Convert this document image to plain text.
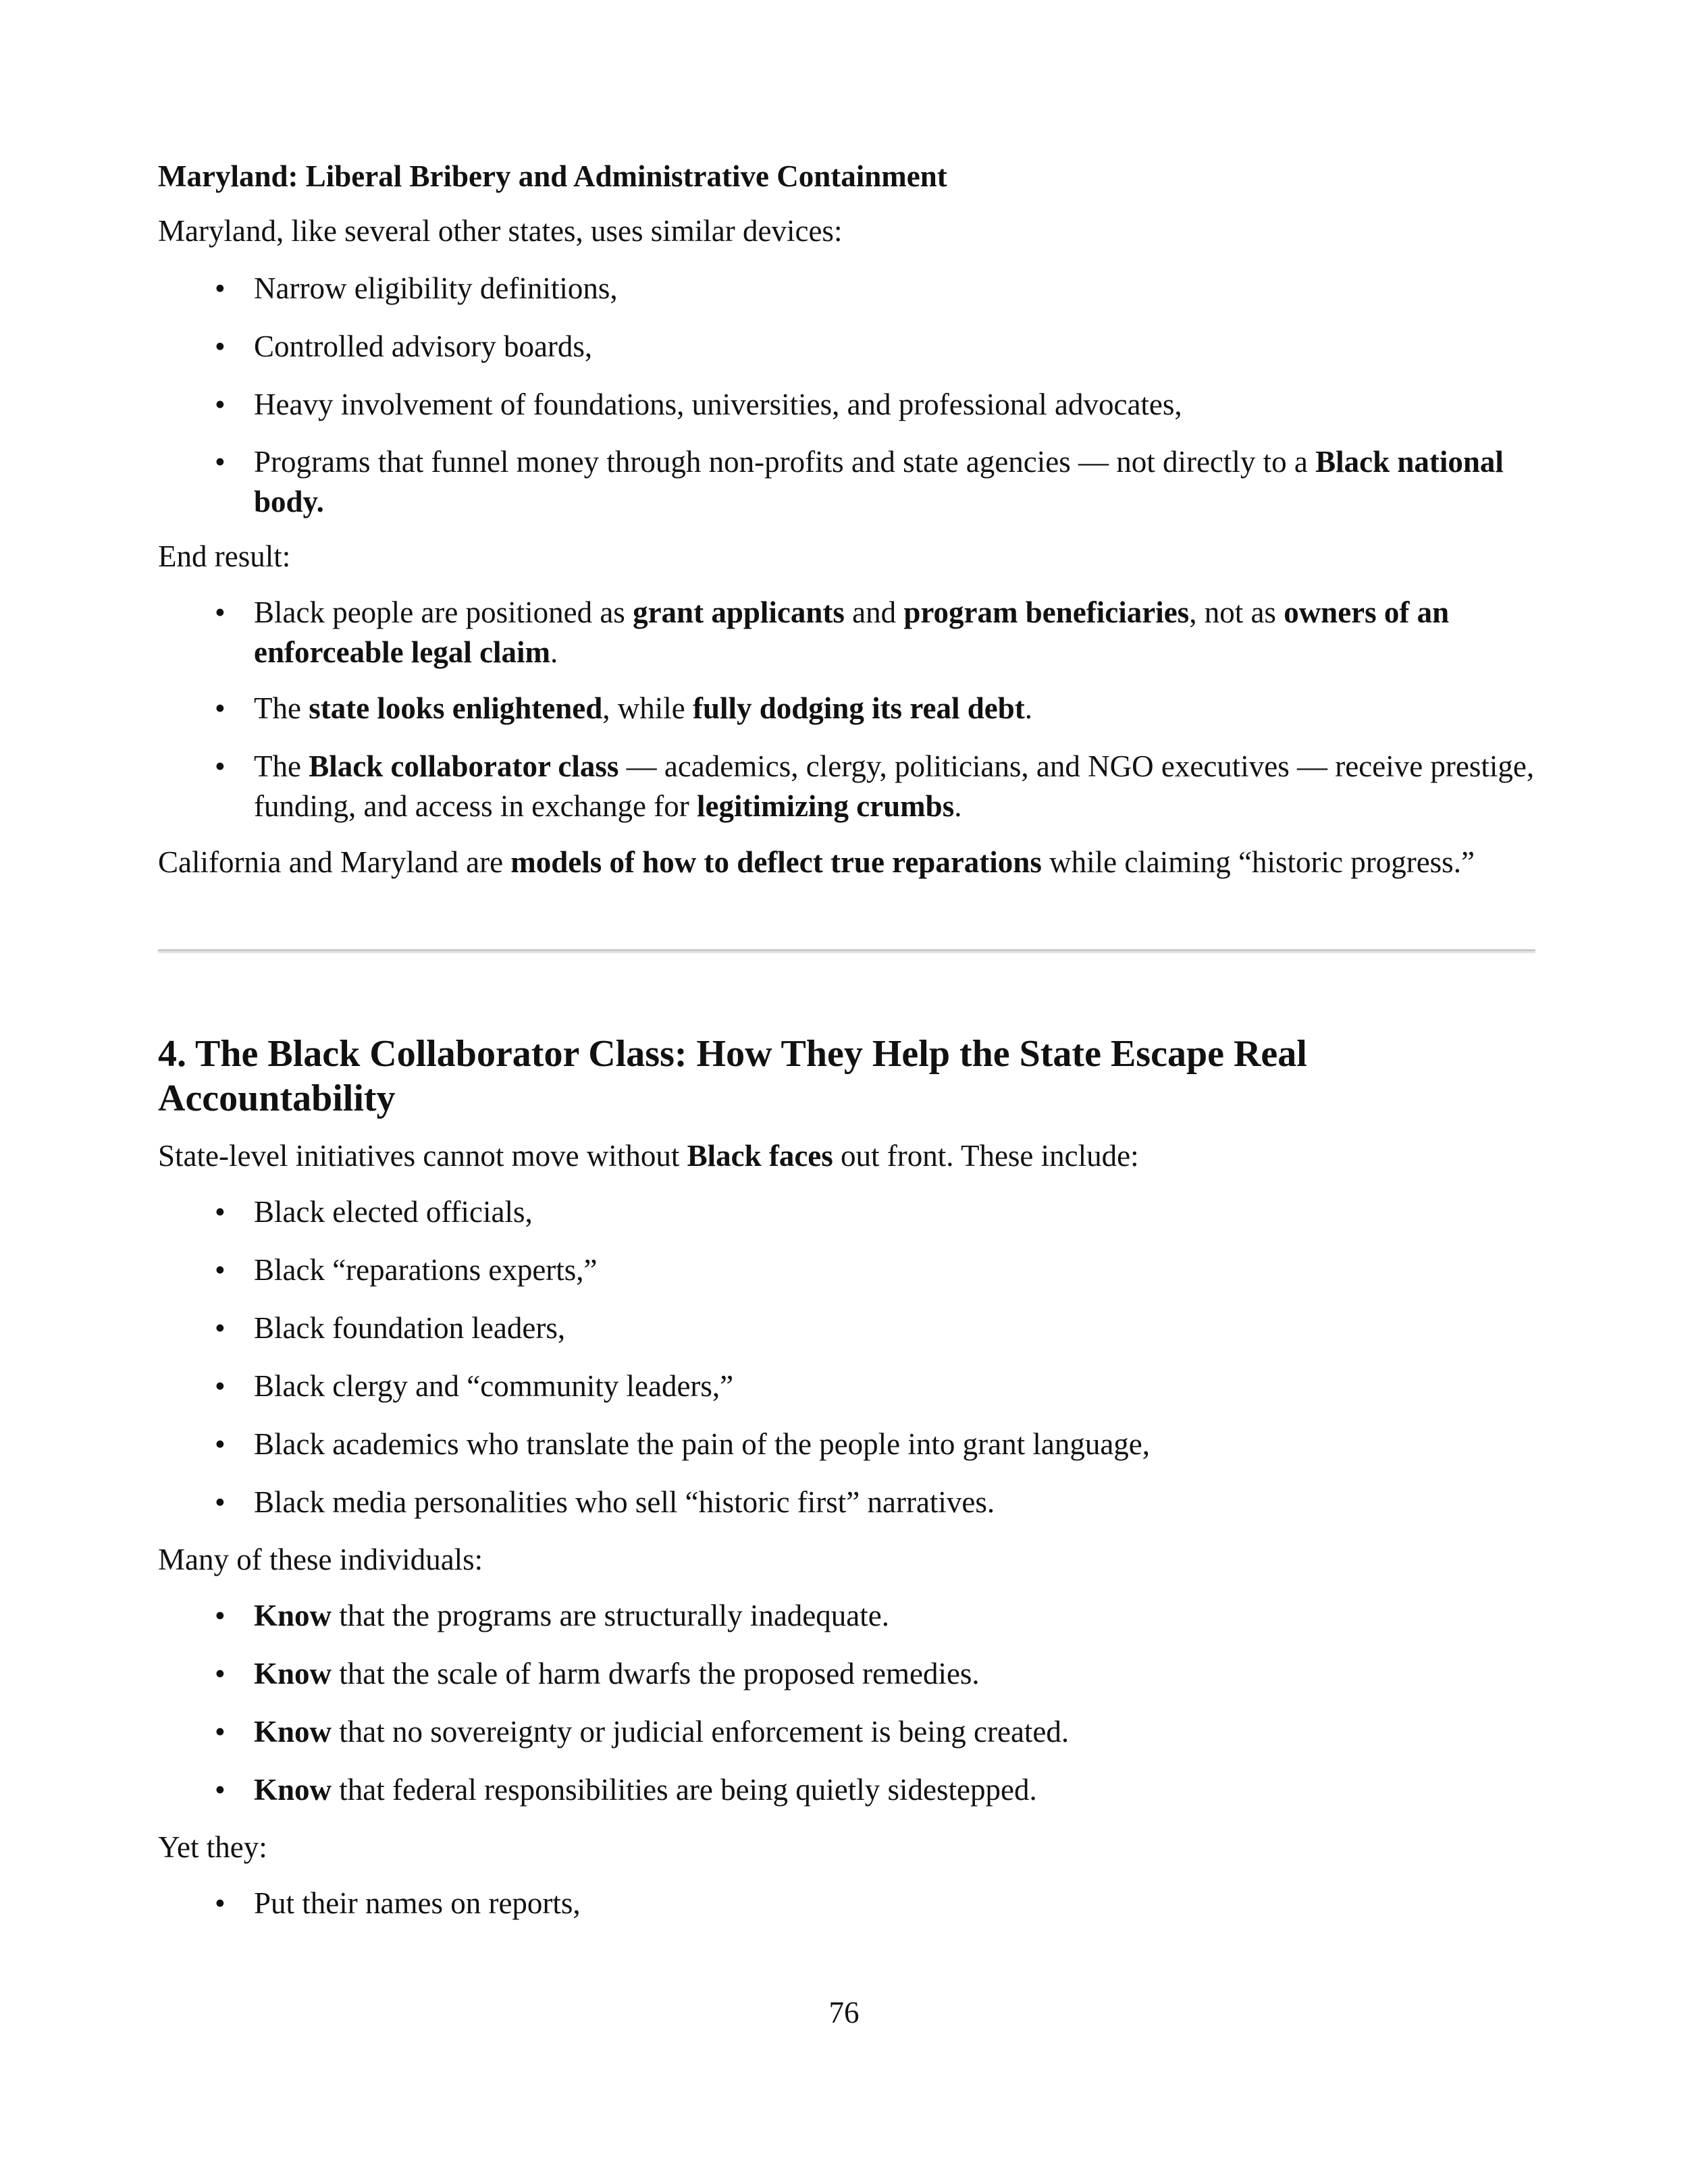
Maryland: Liberal Bribery and Administrative Containment

Maryland, like several other states, uses similar devices:

• Narrow eligibility definitions,

• Controlled advisory boards,

• Heavy involvement of foundations, universities, and professional advocates,

• Programs that funnel money through non-profits and state agencies — not directly to a Black national body.

End result:

• Black people are positioned as grant applicants and program beneficiaries, not as owners of an enforceable legal claim.

• The state looks enlightened, while fully dodging its real debt.

• The Black collaborator class — academics, clergy, politicians, and NGO executives — receive prestige, funding, and access in exchange for legitimizing crumbs.

California and Maryland are models of how to deflect true reparations while claiming “historic progress.”

4. The Black Collaborator Class: How They Help the State Escape Real Accountability

State-level initiatives cannot move without Black faces out front. These include:

• Black elected officials,

• Black “reparations experts,”

• Black foundation leaders,

• Black clergy and “community leaders,”

• Black academics who translate the pain of the people into grant language,

• Black media personalities who sell “historic first” narratives.

Many of these individuals:

• Know that the programs are structurally inadequate.

• Know that the scale of harm dwarfs the proposed remedies.

• Know that no sovereignty or judicial enforcement is being created.

• Know that federal responsibilities are being quietly sidestepped.

Yet they:

• Put their names on reports,

76
